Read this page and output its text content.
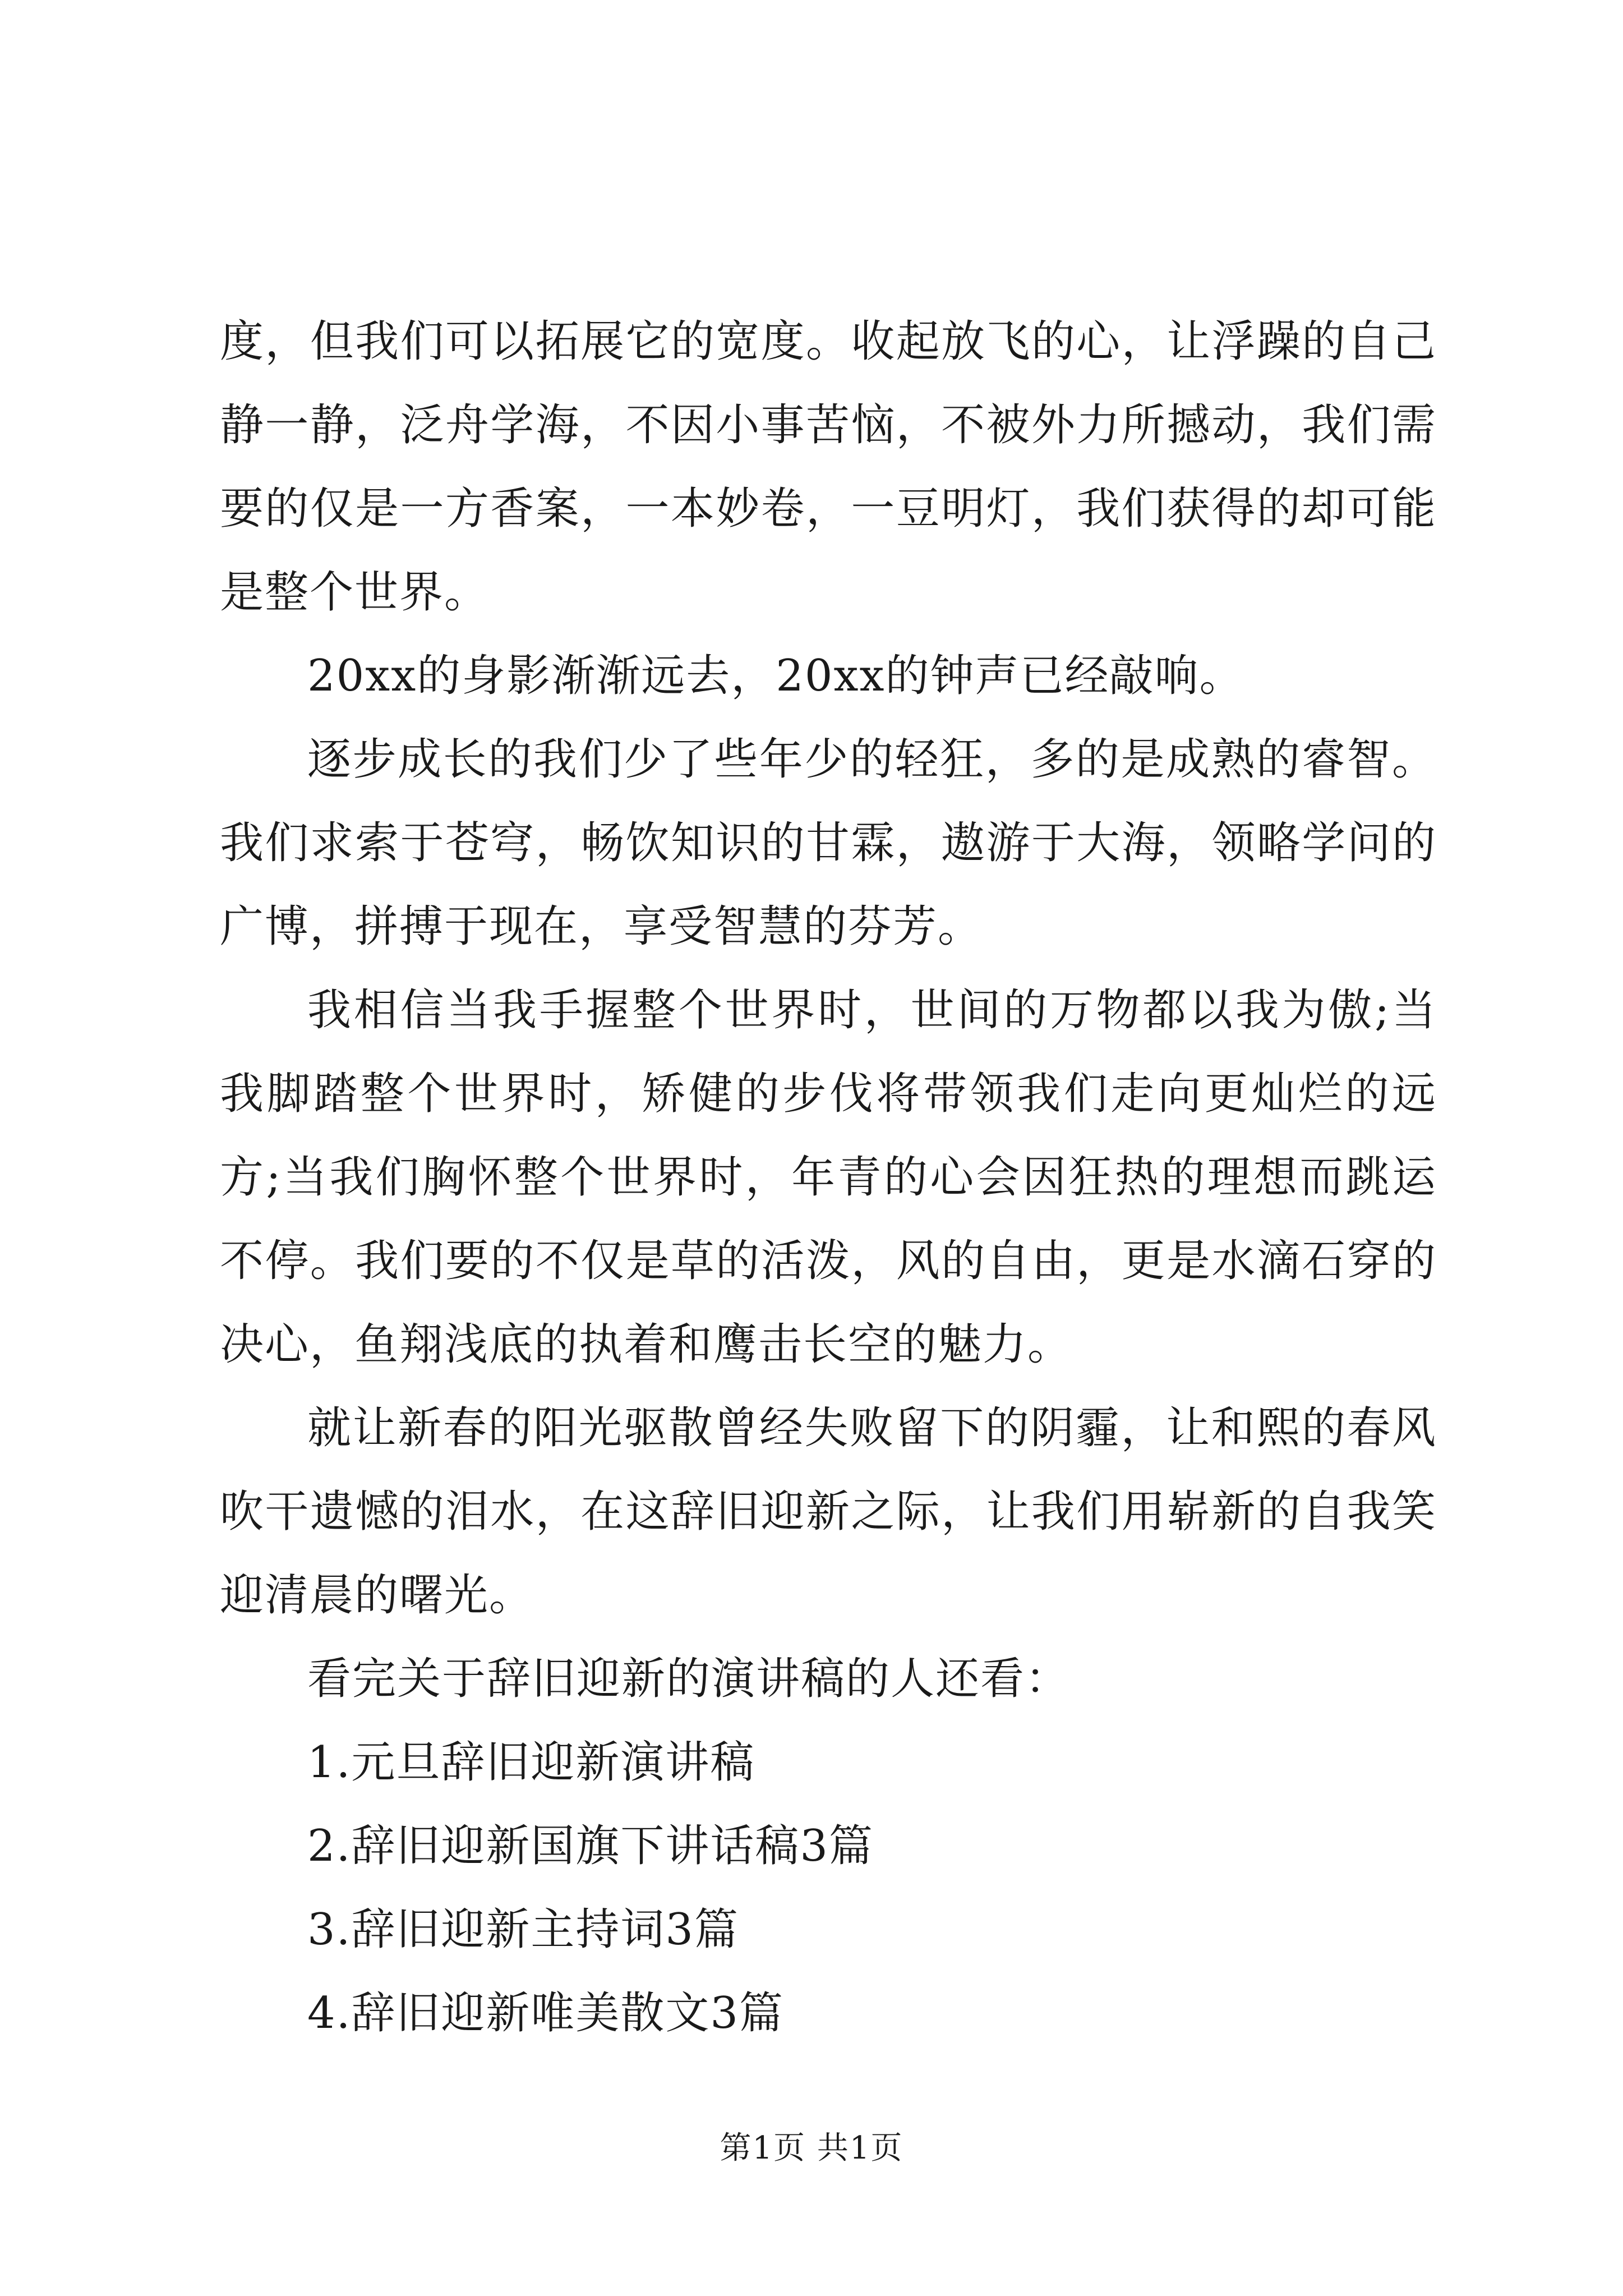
度，但我们可以拓展它的宽度。收起放飞的心，让浮躁的自己静一静，泛舟学海，不因小事苦恼，不被外力所撼动，我们需要的仅是一方香案，一本妙卷，一豆明灯，我们获得的却可能是整个世界。

20xx的身影渐渐远去，20xx的钟声已经敲响。

逐步成长的我们少了些年少的轻狂，多的是成熟的睿智。我们求索于苍穹，畅饮知识的甘霖，遨游于大海，领略学问的广博，拼搏于现在，享受智慧的芬芳。

我相信当我手握整个世界时，世间的万物都以我为傲;当我脚踏整个世界时，矫健的步伐将带领我们走向更灿烂的远方;当我们胸怀整个世界时，年青的心会因狂热的理想而跳运不停。我们要的不仅是草的活泼，风的自由，更是水滴石穿的决心，鱼翔浅底的执着和鹰击长空的魅力。

就让新春的阳光驱散曾经失败留下的阴霾，让和熙的春风吹干遗憾的泪水，在这辞旧迎新之际，让我们用崭新的自我笑迎清晨的曙光。

看完关于辞旧迎新的演讲稿的人还看：

1.元旦辞旧迎新演讲稿

2.辞旧迎新国旗下讲话稿3篇

3.辞旧迎新主持词3篇

4.辞旧迎新唯美散文3篇

第1页 共1页
